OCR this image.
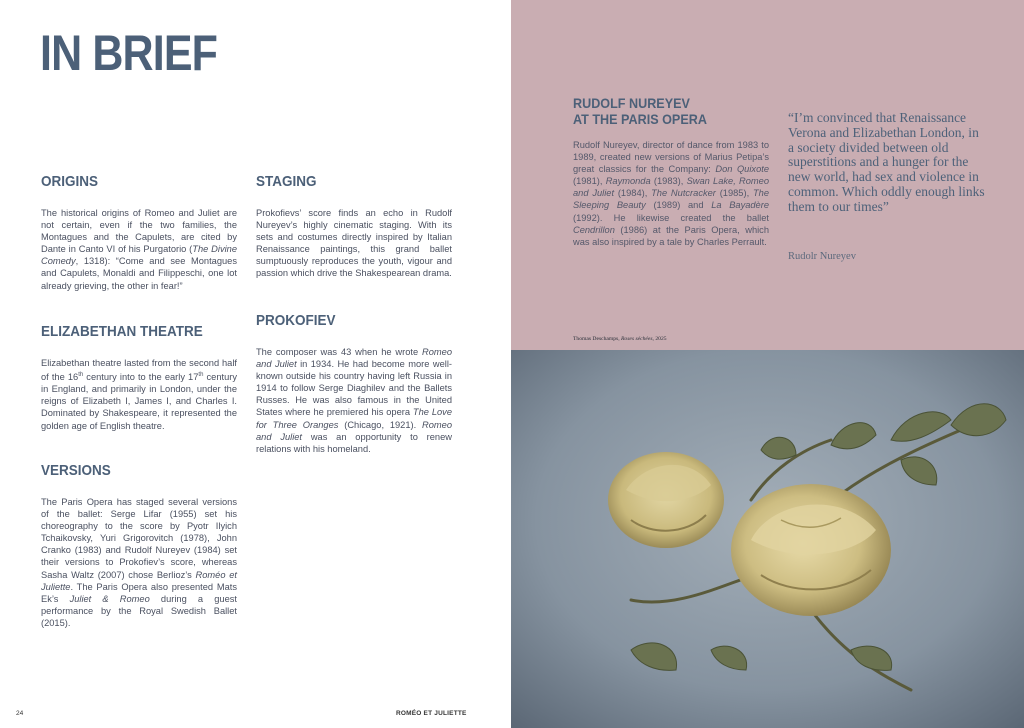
IN BRIEF
ORIGINS

The historical origins of Romeo and Juliet are not certain, even if the two families, the Montagues and the Capulets, are cited by Dante in Canto VI of his Purgatorio (The Divine Comedy, 1318): “Come and see Montagues and Capulets, Monaldi and Filippeschi, one lot already grieving, the other in fear!”

ELIZABETHAN THEATRE

Elizabethan theatre lasted from the second half of the 16th century into to the early 17th century in England, and primarily in London, under the reigns of Elizabeth I, James I, and Charles I. Dominated by Shakespeare, it represented the golden age of English theatre.

VERSIONS

The Paris Opera has staged several versions of the ballet: Serge Lifar (1955) set his choreography to the score by Pyotr Ilyich Tchaikovsky, Yuri Grigorovitch (1978), John Cranko (1983) and Rudolf Nureyev (1984) set their versions to Prokofiev’s score, whereas Sasha Waltz (2007) chose Berlioz’s Roméo et Juliette. The Paris Opera also presented Mats Ek’s Juliet & Romeo during a guest performance by the Royal Swedish Ballet (2015).

STAGING

Prokofievs’ score finds an echo in Rudolf Nureyev’s highly cinematic staging. With its sets and costumes directly inspired by Italian Renaissance paintings, this grand ballet sumptuously reproduces the youth, vigour and passion which drive the Shakespearean drama.

PROKOFIEV

The composer was 43 when he wrote Romeo and Juliet in 1934. He had become more well-known outside his country having left Russia in 1914 to follow Serge Diaghilev and the Ballets Russes. He was also famous in the United States where he premiered his opera The Love for Three Oranges (Chicago, 1921). Romeo and Juliet was an opportunity to renew relations with his homeland.

24	ROMÉO ET JULIETTE
RUDOLF NUREYEV
AT THE PARIS OPERA

Rudolf Nureyev, director of dance from 1983 to 1989, created new versions of Marius Petipa’s great classics for the Company: Don Quixote (1981), Raymonda (1983), Swan Lake, Romeo and Juliet (1984), The Nutcracker (1985), The Sleeping Beauty (1989) and La Bayadère (1992). He likewise created the ballet Cendrillon (1986) at the Paris Opera, which was also inspired by a tale by Charles Perrault.

“I’m convinced that Renaissance Verona and Elizabethan London, in a society divided between old superstitions and a hunger for the new world, had sex and violence in common. Which oddly enough links them to our times”

Rudolr Nureyev

Thomas Deschamps, Roses séchées, 2025
